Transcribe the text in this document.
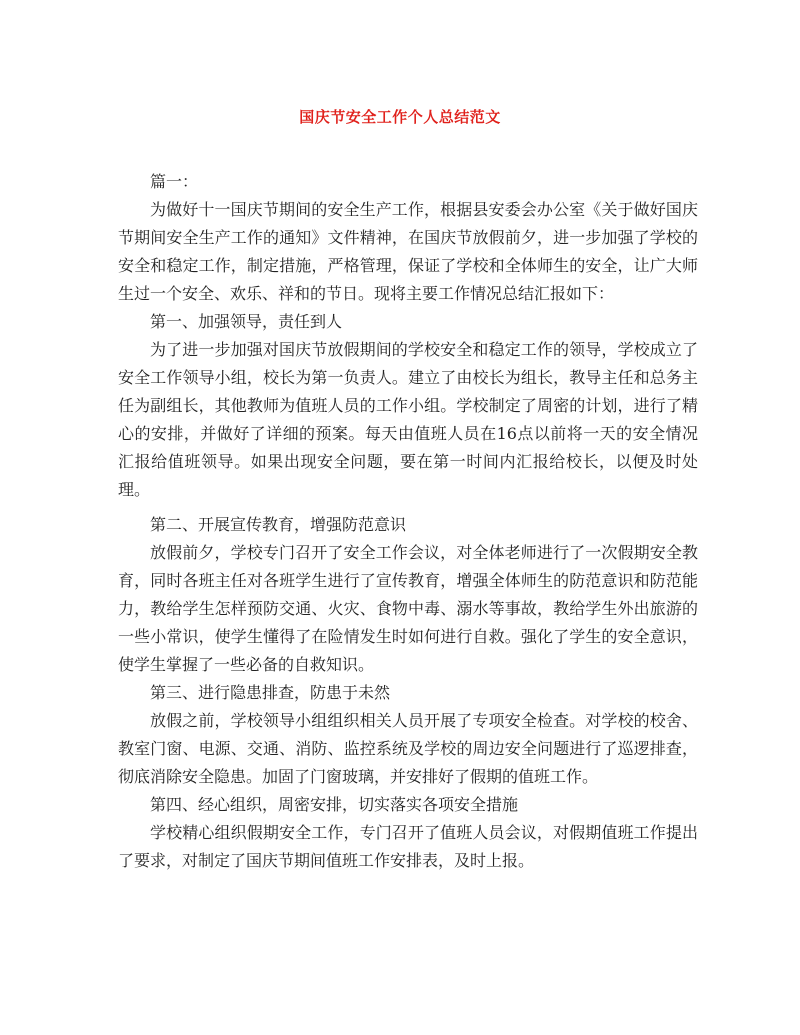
国庆节安全工作个人总结范文

篇一：

为做好十一国庆节期间的安全生产工作，根据县安委会办公室《关于做好国庆节期间安全生产工作的通知》文件精神，在国庆节放假前夕，进一步加强了学校的安全和稳定工作，制定措施，严格管理，保证了学校和全体师生的安全，让广大师生过一个安全、欢乐、祥和的节日。现将主要工作情况总结汇报如下：

第一、加强领导，责任到人

为了进一步加强对国庆节放假期间的学校安全和稳定工作的领导，学校成立了安全工作领导小组，校长为第一负责人。建立了由校长为组长，教导主任和总务主任为副组长，其他教师为值班人员的工作小组。学校制定了周密的计划，进行了精心的安排，并做好了详细的预案。每天由值班人员在16点以前将一天的安全情况汇报给值班领导。如果出现安全问题，要在第一时间内汇报给校长，以便及时处理。

第二、开展宣传教育，增强防范意识

放假前夕，学校专门召开了安全工作会议，对全体老师进行了一次假期安全教育，同时各班主任对各班学生进行了宣传教育，增强全体师生的防范意识和防范能力，教给学生怎样预防交通、火灾、食物中毒、溺水等事故，教给学生外出旅游的一些小常识，使学生懂得了在险情发生时如何进行自救。强化了学生的安全意识，使学生掌握了一些必备的自救知识。

第三、进行隐患排查，防患于未然

放假之前，学校领导小组组织相关人员开展了专项安全检查。对学校的校舍、教室门窗、电源、交通、消防、监控系统及学校的周边安全问题进行了巡逻排查，彻底消除安全隐患。加固了门窗玻璃，并安排好了假期的值班工作。

第四、经心组织，周密安排，切实落实各项安全措施

学校精心组织假期安全工作，专门召开了值班人员会议，对假期值班工作提出了要求，对制定了国庆节期间值班工作安排表，及时上报。
